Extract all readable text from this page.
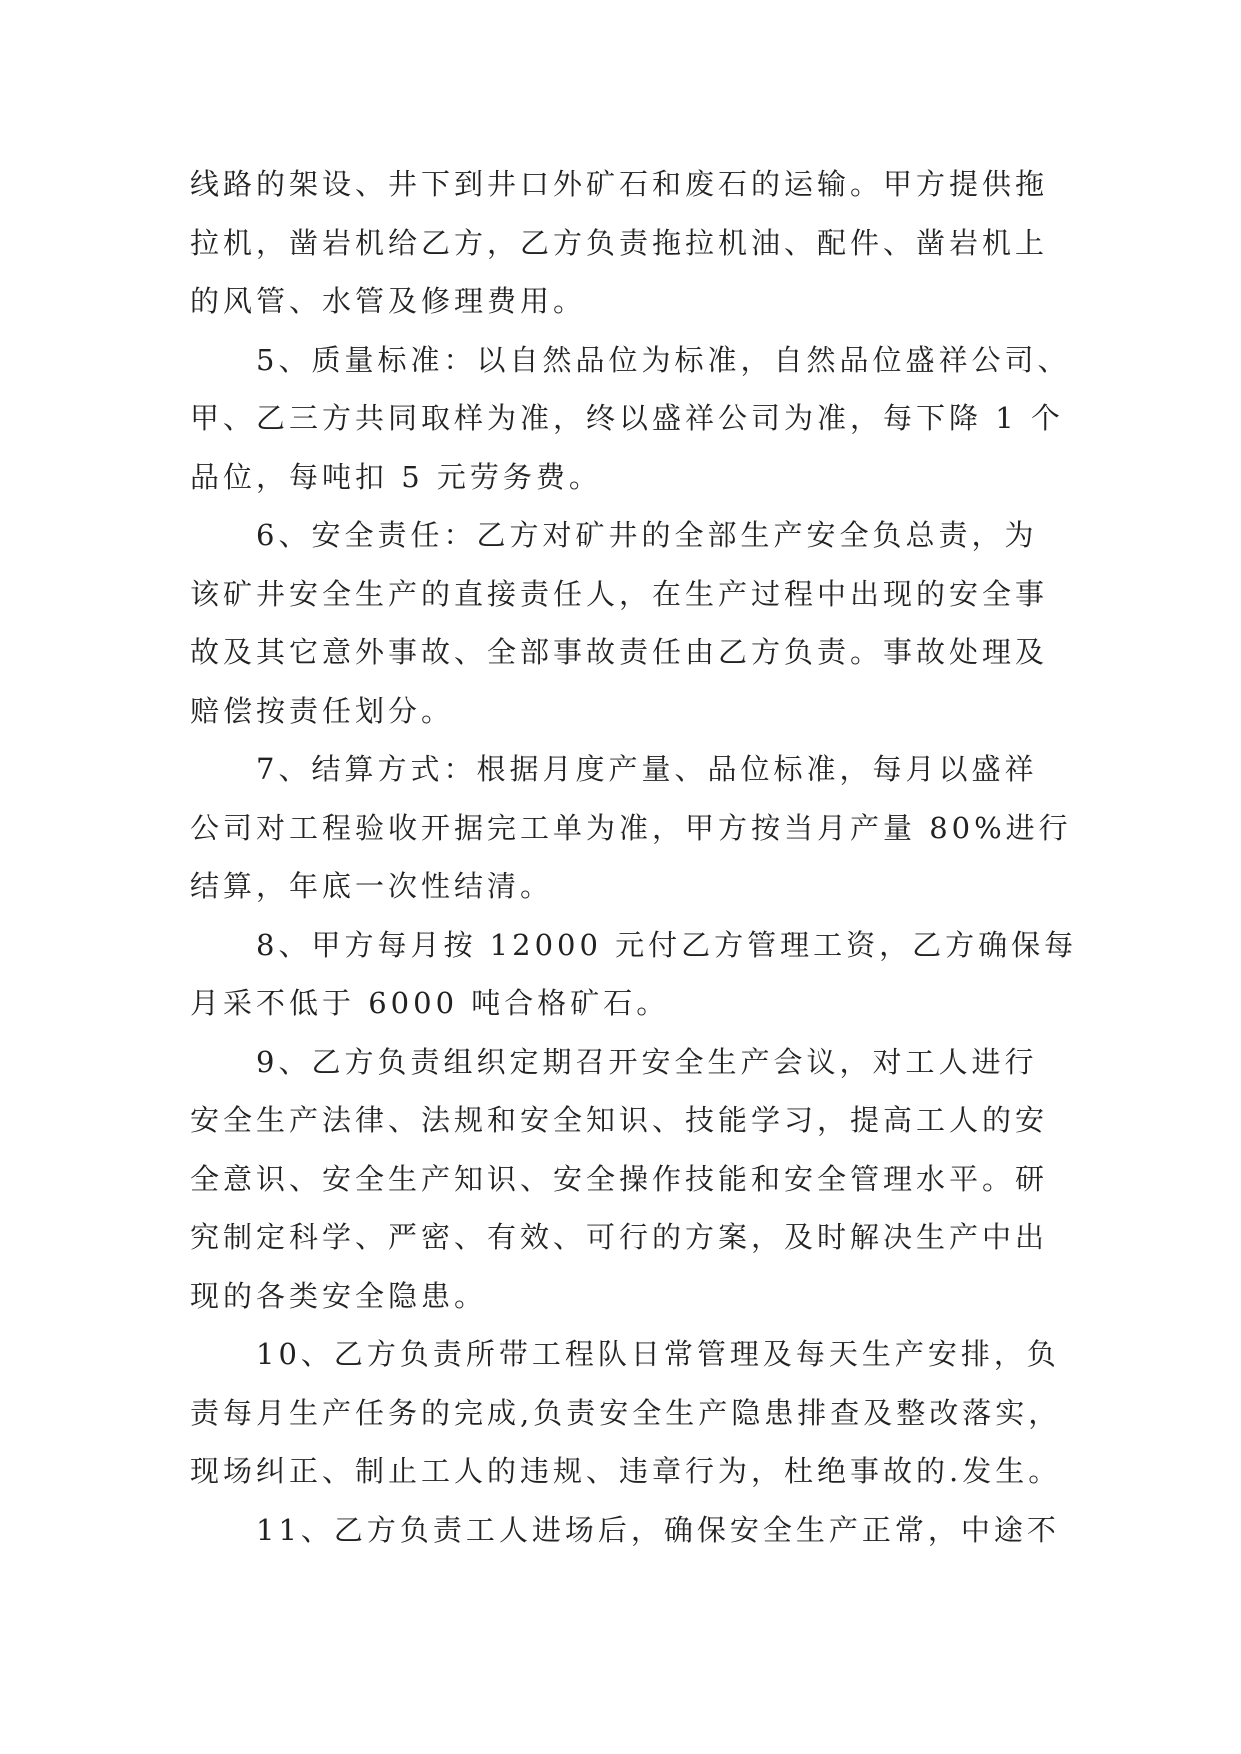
线路的架设、井下到井口外矿石和废石的运输。甲方提供拖
拉机，凿岩机给乙方，乙方负责拖拉机油、配件、凿岩机上
的风管、水管及修理费用。
　　5、质量标准：以自然品位为标准，自然品位盛祥公司、
甲、乙三方共同取样为准，终以盛祥公司为准，每下降 1 个
品位，每吨扣 5 元劳务费。
　　6、安全责任：乙方对矿井的全部生产安全负总责，为
该矿井安全生产的直接责任人，在生产过程中出现的安全事
故及其它意外事故、全部事故责任由乙方负责。事故处理及
赔偿按责任划分。
　　7、结算方式：根据月度产量、品位标准，每月以盛祥
公司对工程验收开据完工单为准，甲方按当月产量 80%进行
结算，年底一次性结清。
　　8、甲方每月按 12000 元付乙方管理工资，乙方确保每
月采不低于 6000 吨合格矿石。
　　9、乙方负责组织定期召开安全生产会议，对工人进行
安全生产法律、法规和安全知识、技能学习，提高工人的安
全意识、安全生产知识、安全操作技能和安全管理水平。研
究制定科学、严密、有效、可行的方案，及时解决生产中出
现的各类安全隐患。
　　10、乙方负责所带工程队日常管理及每天生产安排，负
责每月生产任务的完成,负责安全生产隐患排查及整改落实，
现场纠正、制止工人的违规、违章行为，杜绝事故的.发生。
　　11、乙方负责工人进场后，确保安全生产正常，中途不
